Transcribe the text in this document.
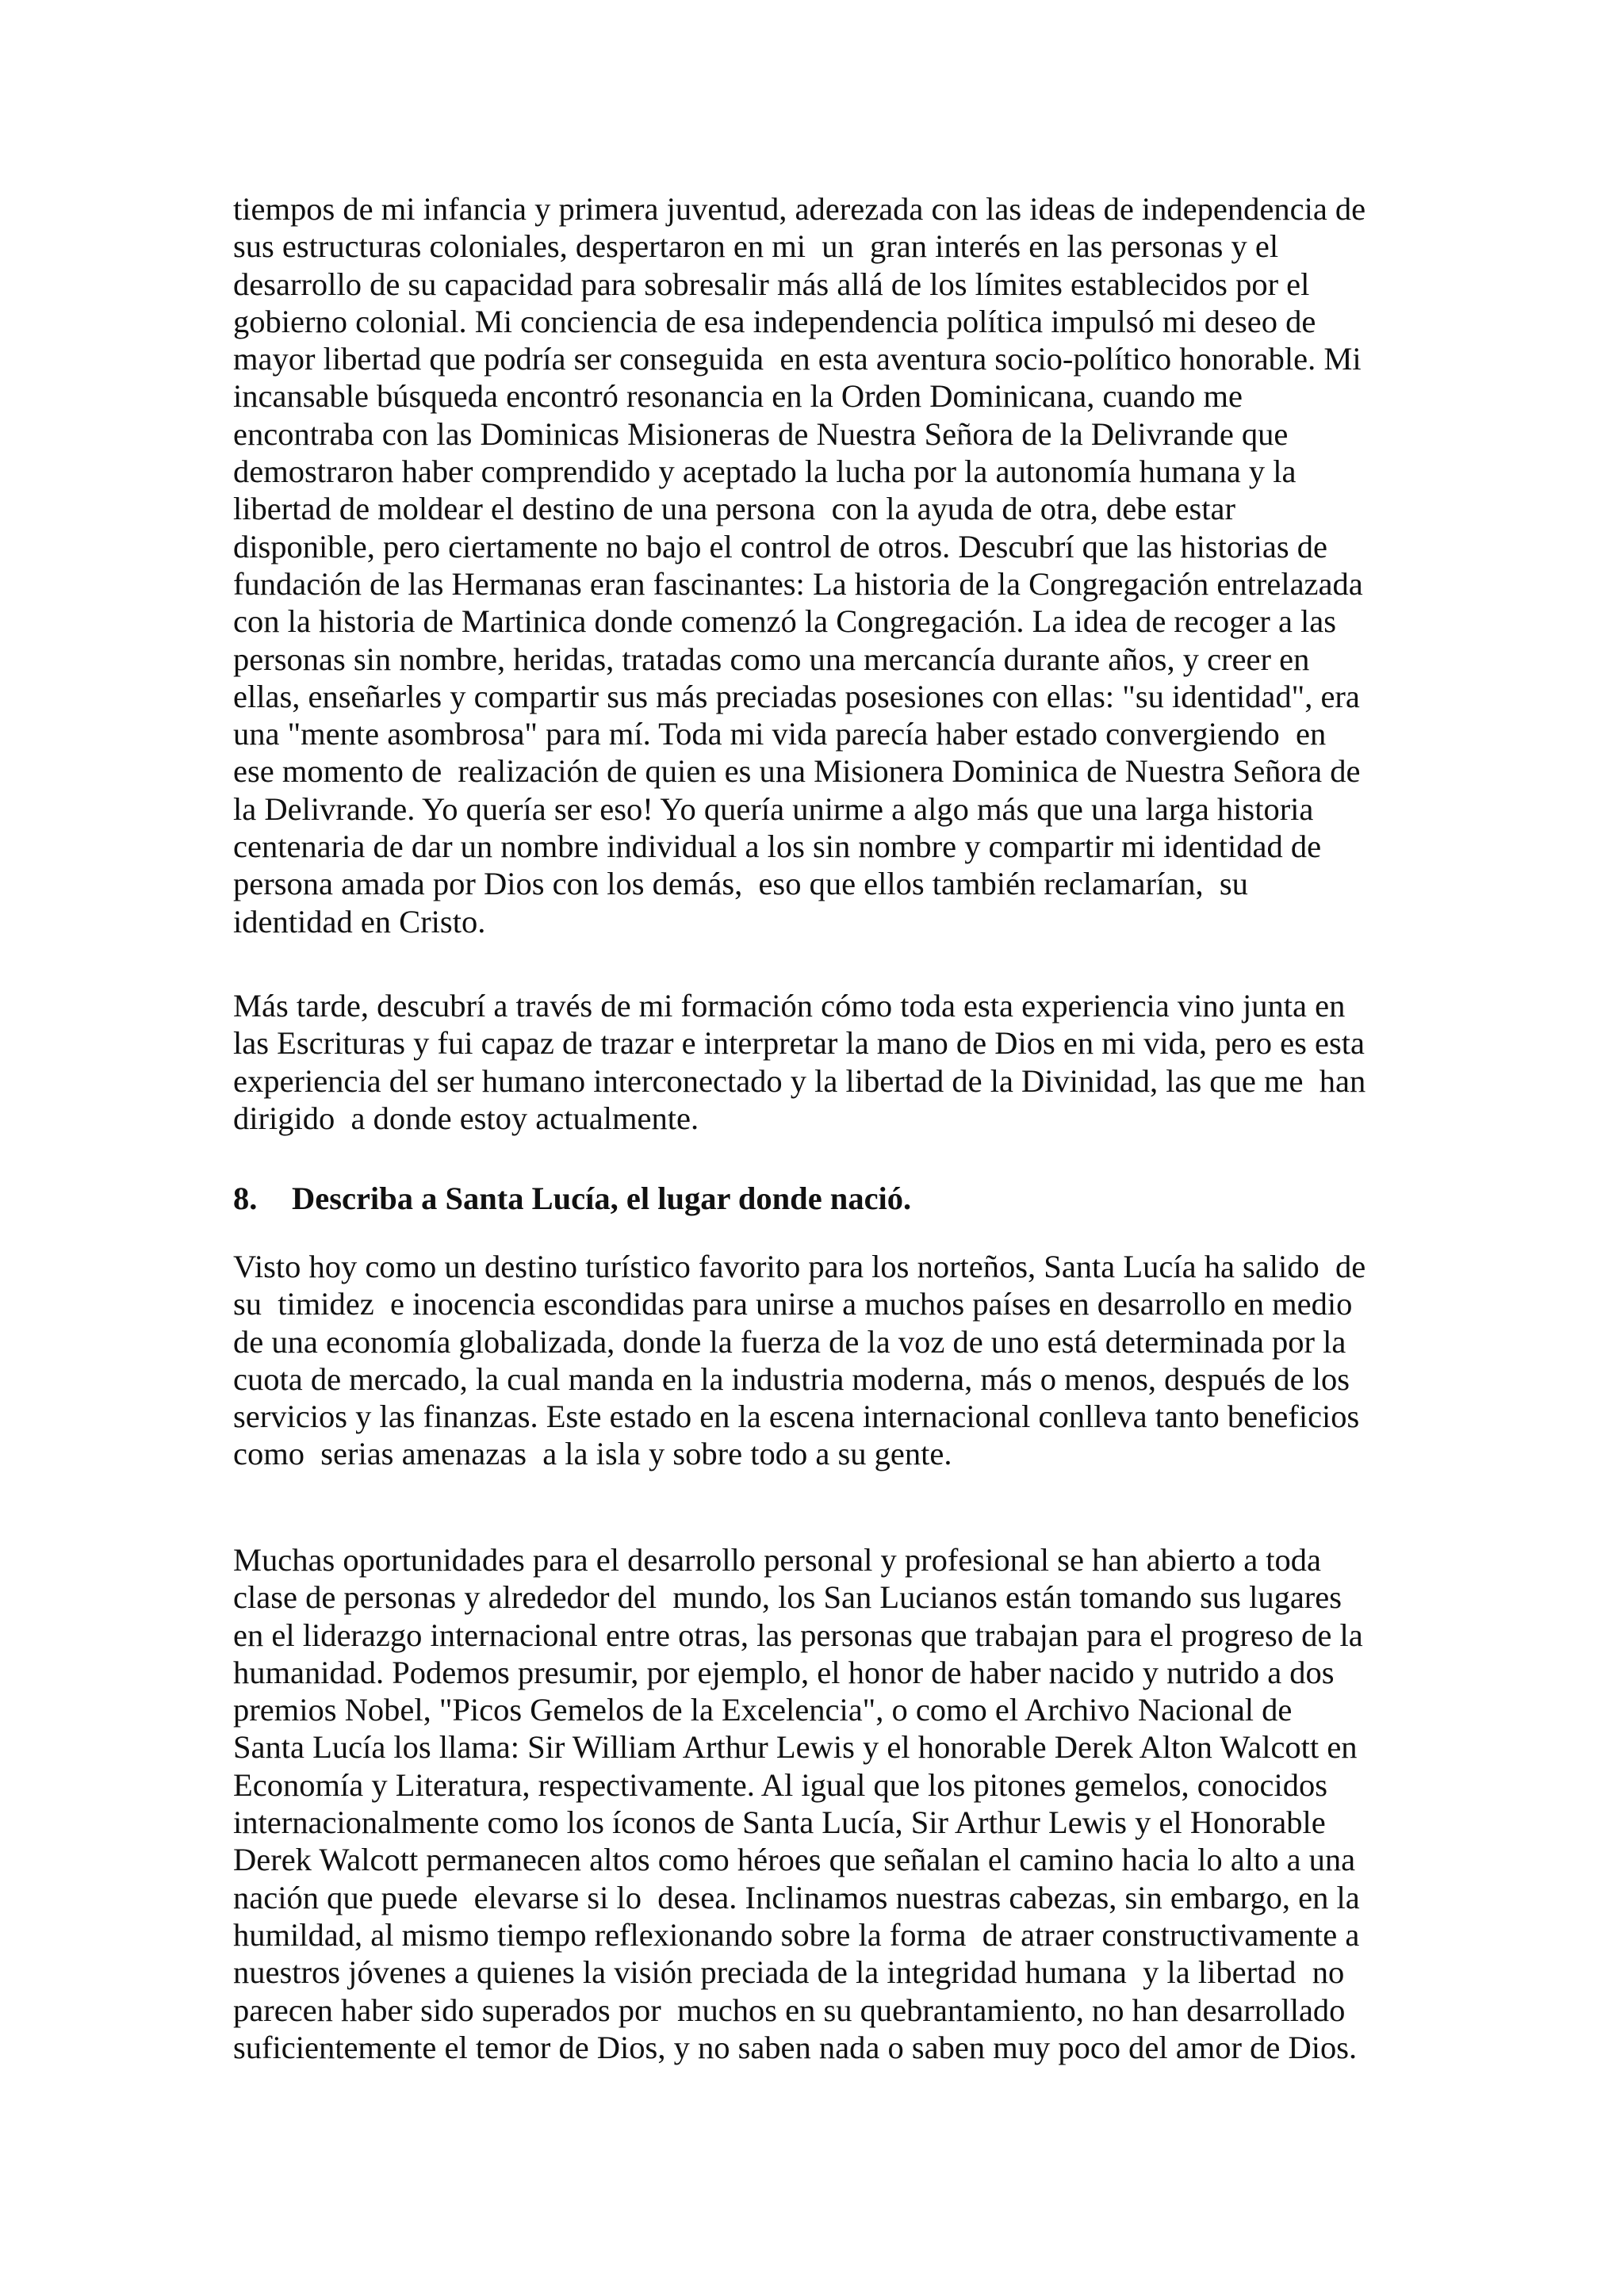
tiempos de mi infancia y primera juventud, aderezada con las ideas de independencia de
sus estructuras coloniales, despertaron en mi  un  gran interés en las personas y el
desarrollo de su capacidad para sobresalir más allá de los límites establecidos por el
gobierno colonial. Mi conciencia de esa independencia política impulsó mi deseo de
mayor libertad que podría ser conseguida  en esta aventura socio-político honorable. Mi
incansable búsqueda encontró resonancia en la Orden Dominicana, cuando me
encontraba con las Dominicas Misioneras de Nuestra Señora de la Delivrande que
demostraron haber comprendido y aceptado la lucha por la autonomía humana y la
libertad de moldear el destino de una persona  con la ayuda de otra, debe estar
disponible, pero ciertamente no bajo el control de otros. Descubrí que las historias de
fundación de las Hermanas eran fascinantes: La historia de la Congregación entrelazada
con la historia de Martinica donde comenzó la Congregación. La idea de recoger a las
personas sin nombre, heridas, tratadas como una mercancía durante años, y creer en
ellas, enseñarles y compartir sus más preciadas posesiones con ellas: "su identidad", era
una "mente asombrosa" para mí. Toda mi vida parecía haber estado convergiendo  en
ese momento de  realización de quien es una Misionera Dominica de Nuestra Señora de
la Delivrande. Yo quería ser eso! Yo quería unirme a algo más que una larga historia
centenaria de dar un nombre individual a los sin nombre y compartir mi identidad de
persona amada por Dios con los demás,  eso que ellos también reclamarían,  su
identidad en Cristo.

Más tarde, descubrí a través de mi formación cómo toda esta experiencia vino junta en
las Escrituras y fui capaz de trazar e interpretar la mano de Dios en mi vida, pero es esta
experiencia del ser humano interconectado y la libertad de la Divinidad, las que me  han
dirigido  a donde estoy actualmente.

8. Describa a Santa Lucía, el lugar donde nació.

Visto hoy como un destino turístico favorito para los norteños, Santa Lucía ha salido  de
su  timidez  e inocencia escondidas para unirse a muchos países en desarrollo en medio
de una economía globalizada, donde la fuerza de la voz de uno está determinada por la
cuota de mercado, la cual manda en la industria moderna, más o menos, después de los
servicios y las finanzas. Este estado en la escena internacional conlleva tanto beneficios
como  serias amenazas  a la isla y sobre todo a su gente.

Muchas oportunidades para el desarrollo personal y profesional se han abierto a toda
clase de personas y alrededor del  mundo, los San Lucianos están tomando sus lugares
en el liderazgo internacional entre otras, las personas que trabajan para el progreso de la
humanidad. Podemos presumir, por ejemplo, el honor de haber nacido y nutrido a dos
premios Nobel, "Picos Gemelos de la Excelencia", o como el Archivo Nacional de
Santa Lucía los llama: Sir William Arthur Lewis y el honorable Derek Alton Walcott en
Economía y Literatura, respectivamente. Al igual que los pitones gemelos, conocidos
internacionalmente como los íconos de Santa Lucía, Sir Arthur Lewis y el Honorable
Derek Walcott permanecen altos como héroes que señalan el camino hacia lo alto a una
nación que puede  elevarse si lo  desea. Inclinamos nuestras cabezas, sin embargo, en la
humildad, al mismo tiempo reflexionando sobre la forma  de atraer constructivamente a
nuestros jóvenes a quienes la visión preciada de la integridad humana  y la libertad  no
parecen haber sido superados por  muchos en su quebrantamiento, no han desarrollado
suficientemente el temor de Dios, y no saben nada o saben muy poco del amor de Dios.
